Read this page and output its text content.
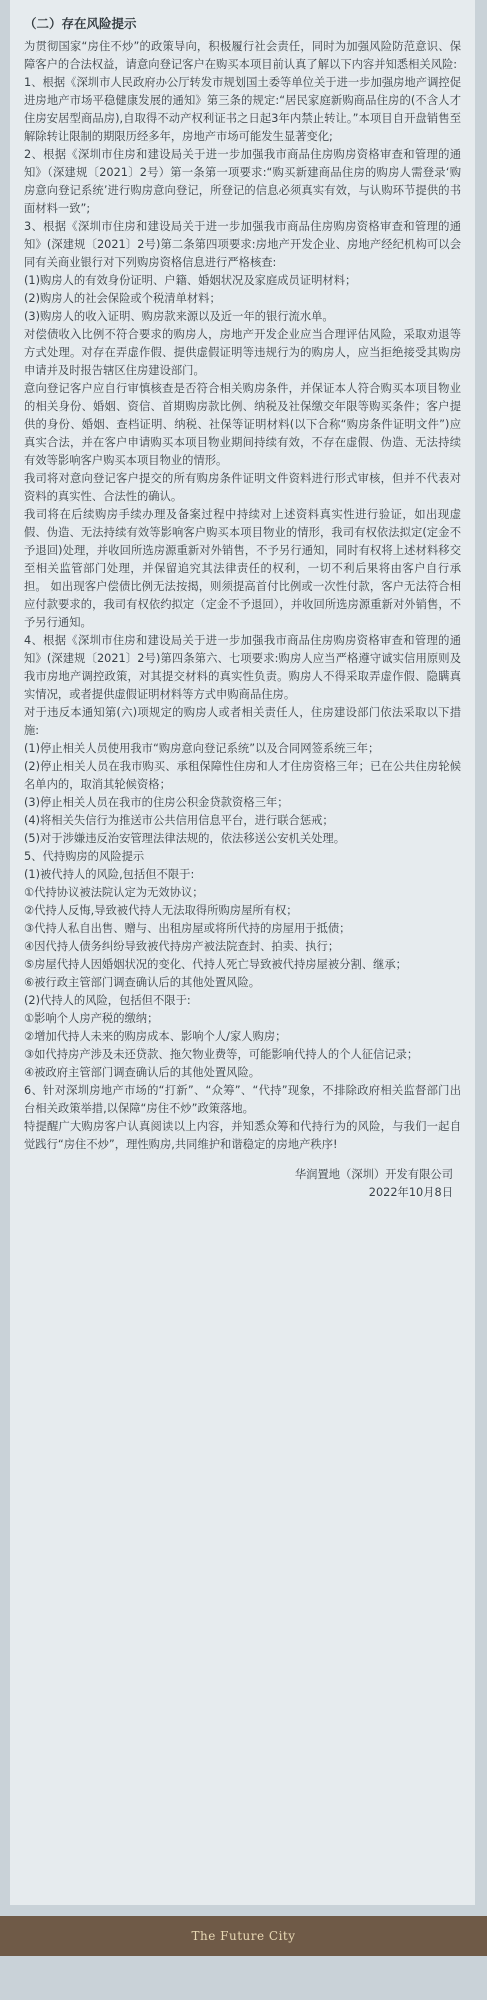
（二）存在风险提示

为贯彻国家“房住不炒”的政策导向，积极履行社会责任，同时为加强风险防范意识、保障客户的合法权益，请意向登记客户在购买本项目前认真了解以下内容并知悉相关风险:

1、根据《深圳市人民政府办公厅转发市规划国土委等单位关于进一步加强房地产调控促进房地产市场平稳健康发展的通知》第三条的规定:“居民家庭新购商品住房的(不含人才住房安居型商品房),自取得不动产权利证书之日起3年内禁止转让。”本项目自开盘销售至解除转让限制的期限历经多年，房地产市场可能发生显著变化;

2、根据《深圳市住房和建设局关于进一步加强我市商品住房购房资格审查和管理的通知》（深建规〔2021〕2号）第一条第一项要求:“购买新建商品住房的购房人需登录‘购房意向登记系统’进行购房意向登记，所登记的信息必须真实有效，与认购环节提供的书面材料一致”;

3、根据《深圳市住房和建设局关于进一步加强我市商品住房购房资格审查和管理的通知》(深建规〔2021〕2号)第二条第四项要求:房地产开发企业、房地产经纪机构可以会同有关商业银行对下列购房资格信息进行严格核查:

(1)购房人的有效身份证明、户籍、婚姻状况及家庭成员证明材料；

(2)购房人的社会保险或个税清单材料；

(3)购房人的收入证明、购房款来源以及近一年的银行流水单。

对偿债收入比例不符合要求的购房人，房地产开发企业应当合理评估风险，采取劝退等方式处理。对存在弄虚作假、提供虚假证明等违规行为的购房人，应当拒绝接受其购房申请并及时报告辖区住房建设部门。

意向登记客户应自行审慎核查是否符合相关购房条件，并保证本人符合购买本项目物业的相关身份、婚姻、资信、首期购房款比例、纳税及社保缴交年限等购买条件；客户提供的身份、婚姻、查档证明、纳税、社保等证明材料(以下合称“购房条件证明文件”)应真实合法，并在客户申请购买本项目物业期间持续有效，不存在虚假、伪造、无法持续有效等影响客户购买本项目物业的情形。

我司将对意向登记客户提交的所有购房条件证明文件资料进行形式审核，但并不代表对资料的真实性、合法性的确认。

我司将在后续购房手续办理及备案过程中持续对上述资料真实性进行验证，如出现虚假、伪造、无法持续有效等影响客户购买本项目物业的情形，我司有权依法拟定(定金不予退回)处理，并收回所选房源重新对外销售，不予另行通知，同时有权将上述材料移交至相关监管部门处理，并保留追究其法律责任的权利，一切不利后果将由客户自行承担。 如出现客户偿债比例无法按揭，则须提高首付比例或一次性付款，客户无法符合相应付款要求的，我司有权依约拟定（定金不予退回），并收回所选房源重新对外销售，不予另行通知。

4、根据《深圳市住房和建设局关于进一步加强我市商品住房购房资格审查和管理的通知》(深建规〔2021〕2号)第四条第六、七项要求:购房人应当严格遵守诚实信用原则及我市房地产调控政策，对其提交材料的真实性负责。购房人不得采取弄虚作假、隐瞒真实情况，或者提供虚假证明材料等方式申购商品住房。

对于违反本通知第(六)项规定的购房人或者相关责任人，住房建设部门依法采取以下措施:

(1)停止相关人员使用我市“购房意向登记系统”以及合同网签系统三年；

(2)停止相关人员在我市购买、承租保障性住房和人才住房资格三年；已在公共住房轮候名单内的，取消其轮候资格；

(3)停止相关人员在我市的住房公积金贷款资格三年；

(4)将相关失信行为推送市公共信用信息平台，进行联合惩戒；

(5)对于涉嫌违反治安管理法律法规的，依法移送公安机关处理。

5、代持购房的风险提示

(1)被代持人的风险,包括但不限于:

①代持协议被法院认定为无效协议；

②代持人反悔,导致被代持人无法取得所购房屋所有权；

③代持人私自出售、赠与、出租房屋或将所代持的房屋用于抵债；

④因代持人债务纠纷导致被代持房产被法院查封、拍卖、执行；

⑤房屋代持人因婚姻状况的变化、代持人死亡导致被代持房屋被分割、继承；

⑥被行政主管部门调查确认后的其他处置风险。

(2)代持人的风险，包括但不限于:

①影响个人房产税的缴纳；

②增加代持人未来的购房成本、影响个人/家人购房；

③如代持房产涉及未还贷款、拖欠物业费等，可能影响代持人的个人征信记录；

④被政府主管部门调查确认后的其他处置风险。

6、针对深圳房地产市场的“打新”、“众筹”、“代持”现象，不排除政府相关监督部门出台相关政策举措,以保障“房住不炒”政策落地。

特提醒广大购房客户认真阅读以上内容，并知悉众筹和代持行为的风险，与我们一起自觉践行“房住不炒”，理性购房,共同维护和谐稳定的房地产秩序!

华润置地（深圳）开发有限公司
2022年10月8日
The Future City
